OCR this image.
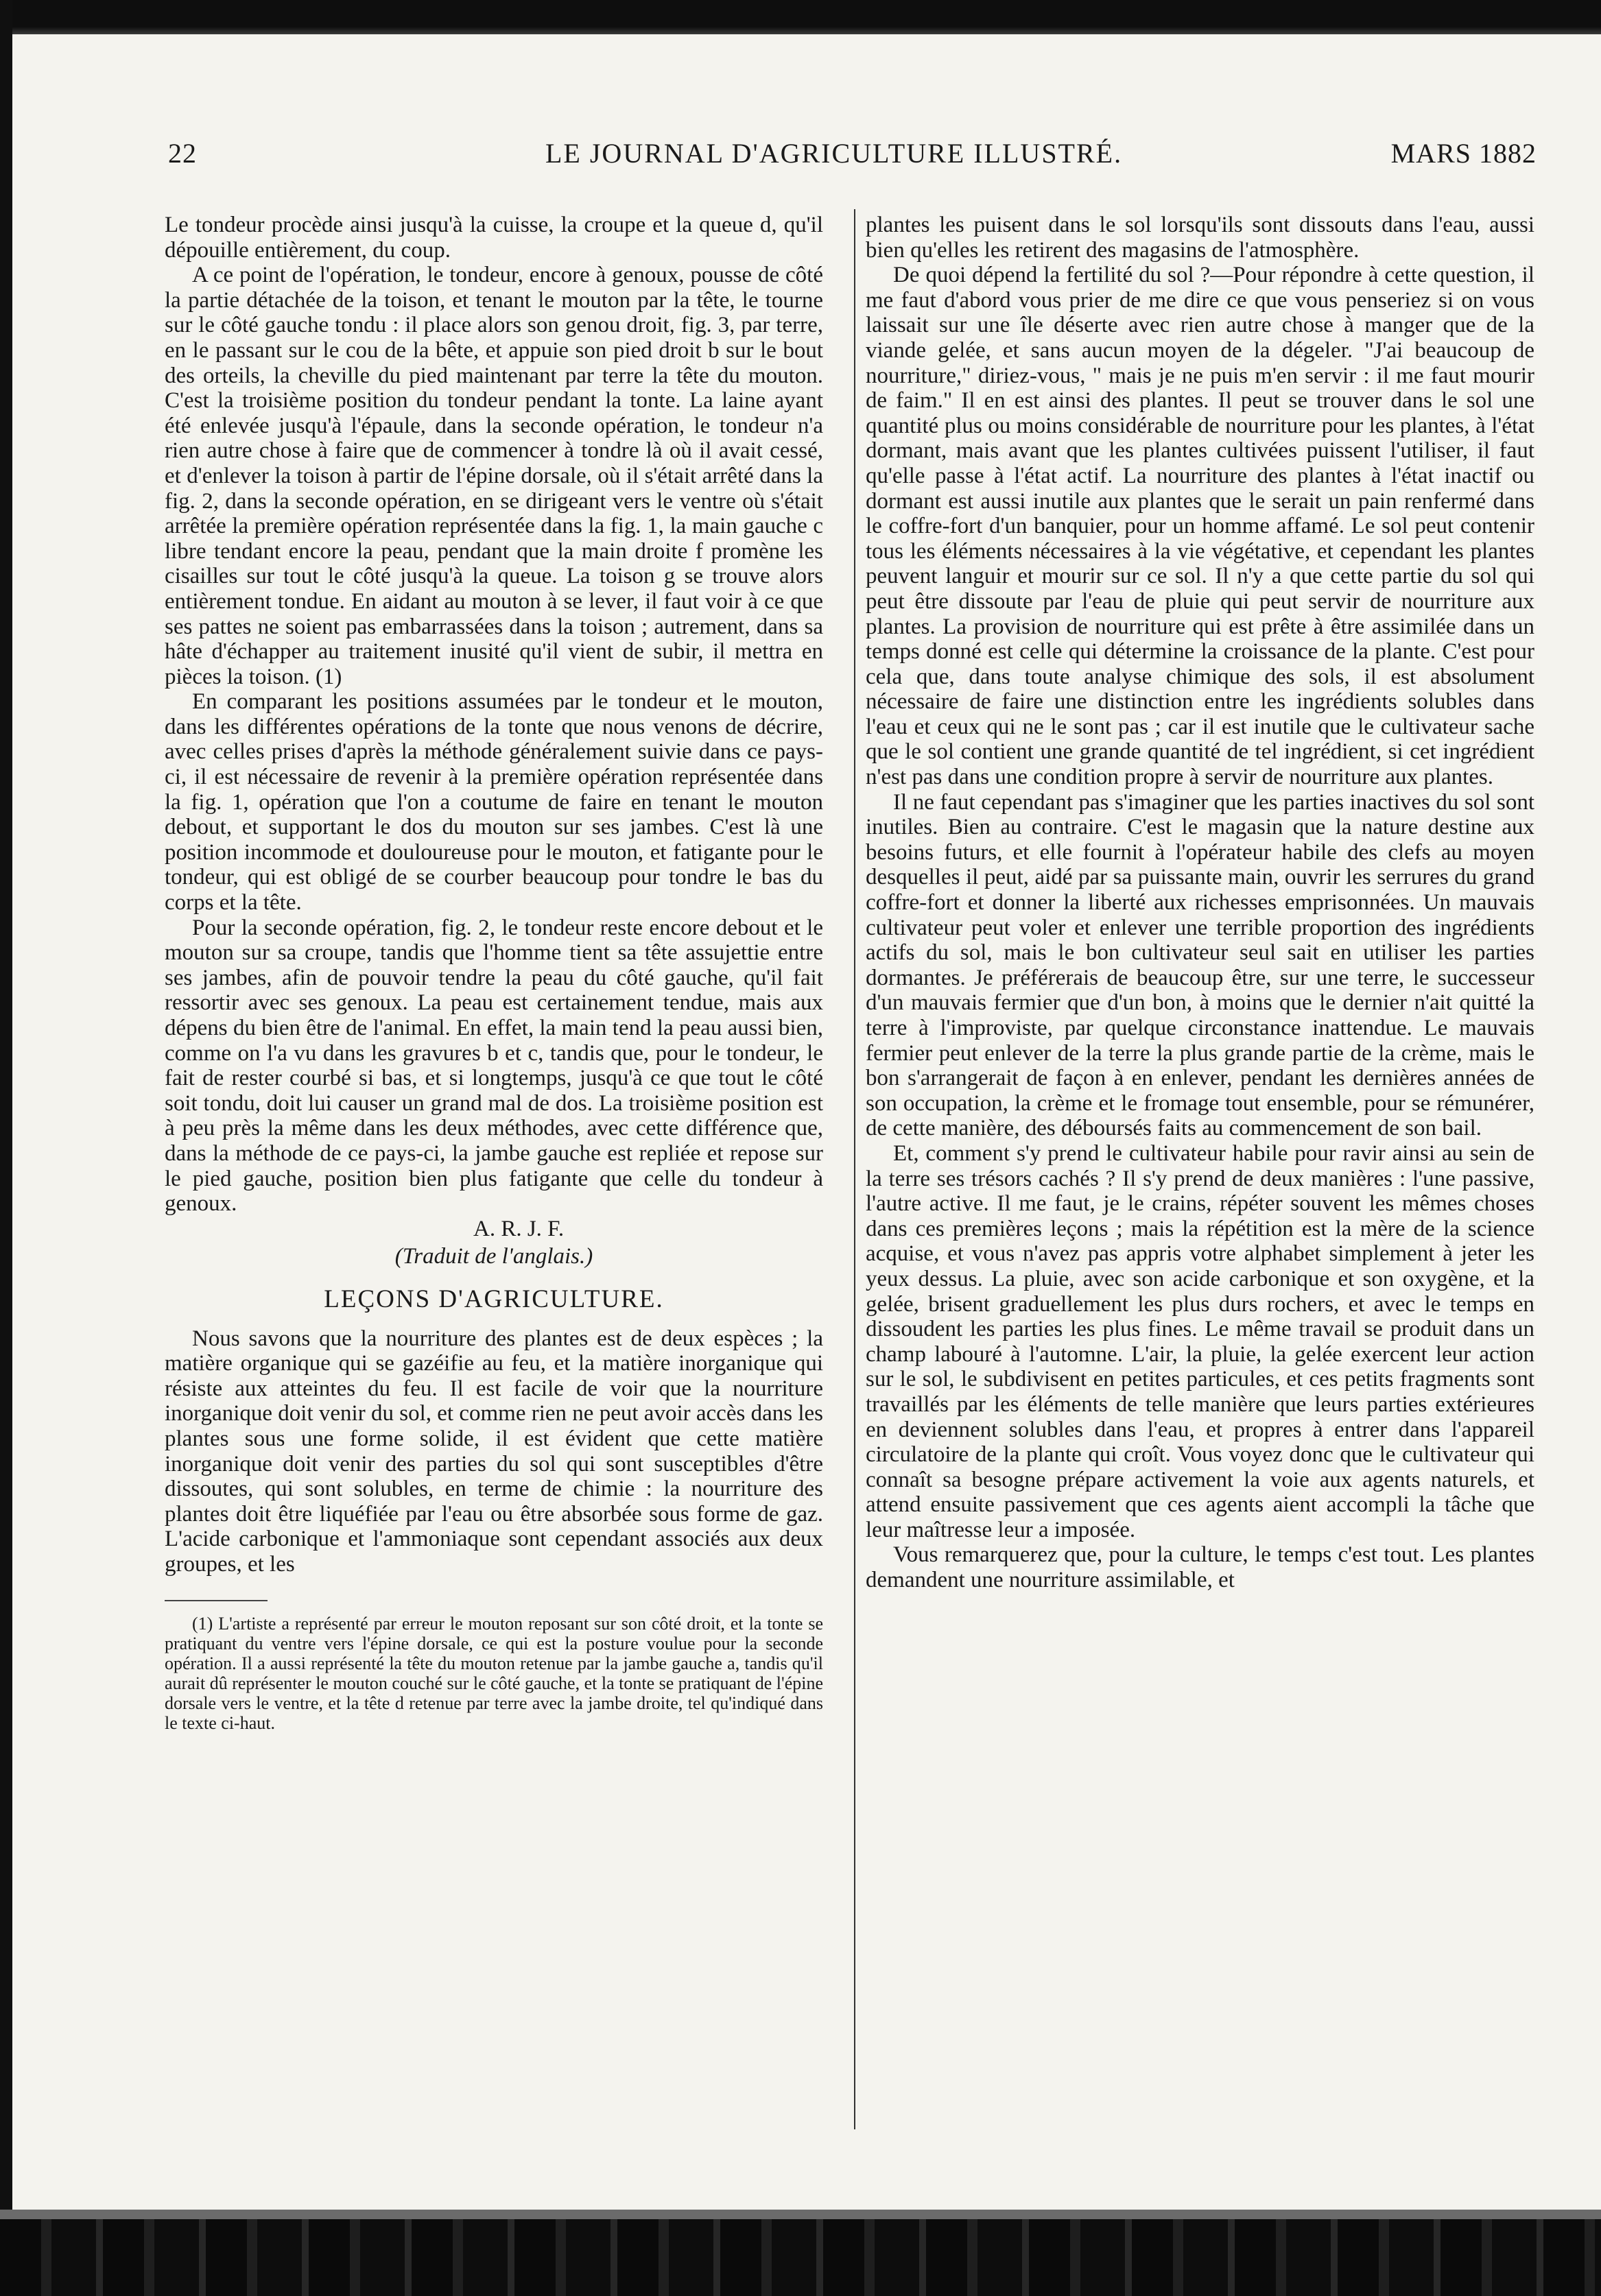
22	LE JOURNAL D'AGRICULTURE ILLUSTRÉ.	MARS 1882

Le tondeur procède ainsi jusqu'à la cuisse, la croupe et la queue d, qu'il dépouille entièrement, du coup.

A ce point de l'opération, le tondeur, encore à genoux, pousse de côté la partie détachée de la toison, et tenant le mouton par la tête, le tourne sur le côté gauche tondu : il place alors son genou droit, fig. 3, par terre, en le passant sur le cou de la bête, et appuie son pied droit b sur le bout des orteils, la cheville du pied maintenant par terre la tête du mouton. C'est la troisième position du tondeur pendant la tonte. La laine ayant été enlevée jusqu'à l'épaule, dans la seconde opération, le tondeur n'a rien autre chose à faire que de commencer à tondre là où il avait cessé, et d'enlever la toison à partir de l'épine dorsale, où il s'était arrêté dans la fig. 2, dans la seconde opération, en se dirigeant vers le ventre où s'était arrêtée la première opération représentée dans la fig. 1, la main gauche c libre tendant encore la peau, pendant que la main droite f promène les cisailles sur tout le côté jusqu'à la queue. La toison g se trouve alors entièrement tondue. En aidant au mouton à se lever, il faut voir à ce que ses pattes ne soient pas embarrassées dans la toison ; autrement, dans sa hâte d'échapper au traitement inusité qu'il vient de subir, il mettra en pièces la toison. (1)

En comparant les positions assumées par le tondeur et le mouton, dans les différentes opérations de la tonte que nous venons de décrire, avec celles prises d'après la méthode généralement suivie dans ce pays-ci, il est nécessaire de revenir à la première opération représentée dans la fig. 1, opération que l'on a coutume de faire en tenant le mouton debout, et supportant le dos du mouton sur ses jambes. C'est là une position incommode et douloureuse pour le mouton, et fatigante pour le tondeur, qui est obligé de se courber beaucoup pour tondre le bas du corps et la tête.

Pour la seconde opération, fig. 2, le tondeur reste encore debout et le mouton sur sa croupe, tandis que l'homme tient sa tête assujettie entre ses jambes, afin de pouvoir tendre la peau du côté gauche, qu'il fait ressortir avec ses genoux. La peau est certainement tendue, mais aux dépens du bien être de l'animal. En effet, la main tend la peau aussi bien, comme on l'a vu dans les gravures b et c, tandis que, pour le tondeur, le fait de rester courbé si bas, et si longtemps, jusqu'à ce que tout le côté soit tondu, doit lui causer un grand mal de dos. La troisième position est à peu près la même dans les deux méthodes, avec cette différence que, dans la méthode de ce pays-ci, la jambe gauche est repliée et repose sur le pied gauche, position bien plus fatigante que celle du tondeur à genoux.

A. R. J. F.

(Traduit de l'anglais.)

LEÇONS D'AGRICULTURE.

Nous savons que la nourriture des plantes est de deux espèces ; la matière organique qui se gazéifie au feu, et la matière inorganique qui résiste aux atteintes du feu. Il est facile de voir que la nourriture inorganique doit venir du sol, et comme rien ne peut avoir accès dans les plantes sous une forme solide, il est évident que cette matière inorganique doit venir des parties du sol qui sont susceptibles d'être dissoutes, qui sont solubles, en terme de chimie : la nourriture des plantes doit être liquéfiée par l'eau ou être absorbée sous forme de gaz. L'acide carbonique et l'ammoniaque sont cependant associés aux deux groupes, et les

(1) L'artiste a représenté par erreur le mouton reposant sur son côté droit, et la tonte se pratiquant du ventre vers l'épine dorsale, ce qui est la posture voulue pour la seconde opération. Il a aussi représenté la tête du mouton retenue par la jambe gauche a, tandis qu'il aurait dû représenter le mouton couché sur le côté gauche, et la tonte se pratiquant de l'épine dorsale vers le ventre, et la tête d retenue par terre avec la jambe droite, tel qu'indiqué dans le texte ci-haut.

plantes les puisent dans le sol lorsqu'ils sont dissouts dans l'eau, aussi bien qu'elles les retirent des magasins de l'atmosphère.

De quoi dépend la fertilité du sol ?—Pour répondre à cette question, il me faut d'abord vous prier de me dire ce que vous penseriez si on vous laissait sur une île déserte avec rien autre chose à manger que de la viande gelée, et sans aucun moyen de la dégeler. "J'ai beaucoup de nourriture," diriez-vous, " mais je ne puis m'en servir : il me faut mourir de faim." Il en est ainsi des plantes. Il peut se trouver dans le sol une quantité plus ou moins considérable de nourriture pour les plantes, à l'état dormant, mais avant que les plantes cultivées puissent l'utiliser, il faut qu'elle passe à l'état actif. La nourriture des plantes à l'état inactif ou dormant est aussi inutile aux plantes que le serait un pain renfermé dans le coffre-fort d'un banquier, pour un homme affamé. Le sol peut contenir tous les éléments nécessaires à la vie végétative, et cependant les plantes peuvent languir et mourir sur ce sol. Il n'y a que cette partie du sol qui peut être dissoute par l'eau de pluie qui peut servir de nourriture aux plantes. La provision de nourriture qui est prête à être assimilée dans un temps donné est celle qui détermine la croissance de la plante. C'est pour cela que, dans toute analyse chimique des sols, il est absolument nécessaire de faire une distinction entre les ingrédients solubles dans l'eau et ceux qui ne le sont pas ; car il est inutile que le cultivateur sache que le sol contient une grande quantité de tel ingrédient, si cet ingrédient n'est pas dans une condition propre à servir de nourriture aux plantes.

Il ne faut cependant pas s'imaginer que les parties inactives du sol sont inutiles. Bien au contraire. C'est le magasin que la nature destine aux besoins futurs, et elle fournit à l'opérateur habile des clefs au moyen desquelles il peut, aidé par sa puissante main, ouvrir les serrures du grand coffre-fort et donner la liberté aux richesses emprisonnées. Un mauvais cultivateur peut voler et enlever une terrible proportion des ingrédients actifs du sol, mais le bon cultivateur seul sait en utiliser les parties dormantes. Je préférerais de beaucoup être, sur une terre, le successeur d'un mauvais fermier que d'un bon, à moins que le dernier n'ait quitté la terre à l'improviste, par quelque circonstance inattendue. Le mauvais fermier peut enlever de la terre la plus grande partie de la crème, mais le bon s'arrangerait de façon à en enlever, pendant les dernières années de son occupation, la crème et le fromage tout ensemble, pour se rémunérer, de cette manière, des déboursés faits au commencement de son bail.

Et, comment s'y prend le cultivateur habile pour ravir ainsi au sein de la terre ses trésors cachés ? Il s'y prend de deux manières : l'une passive, l'autre active. Il me faut, je le crains, répéter souvent les mêmes choses dans ces premières leçons ; mais la répétition est la mère de la science acquise, et vous n'avez pas appris votre alphabet simplement à jeter les yeux dessus. La pluie, avec son acide carbonique et son oxygène, et la gelée, brisent graduellement les plus durs rochers, et avec le temps en dissoudent les parties les plus fines. Le même travail se produit dans un champ labouré à l'automne. L'air, la pluie, la gelée exercent leur action sur le sol, le subdivisent en petites particules, et ces petits fragments sont travaillés par les éléments de telle manière que leurs parties extérieures en deviennent solubles dans l'eau, et propres à entrer dans l'appareil circulatoire de la plante qui croît. Vous voyez donc que le cultivateur qui connaît sa besogne prépare activement la voie aux agents naturels, et attend ensuite passivement que ces agents aient accompli la tâche que leur maîtresse leur a imposée.

Vous remarquerez que, pour la culture, le temps c'est tout. Les plantes demandent une nourriture assimilable, et
